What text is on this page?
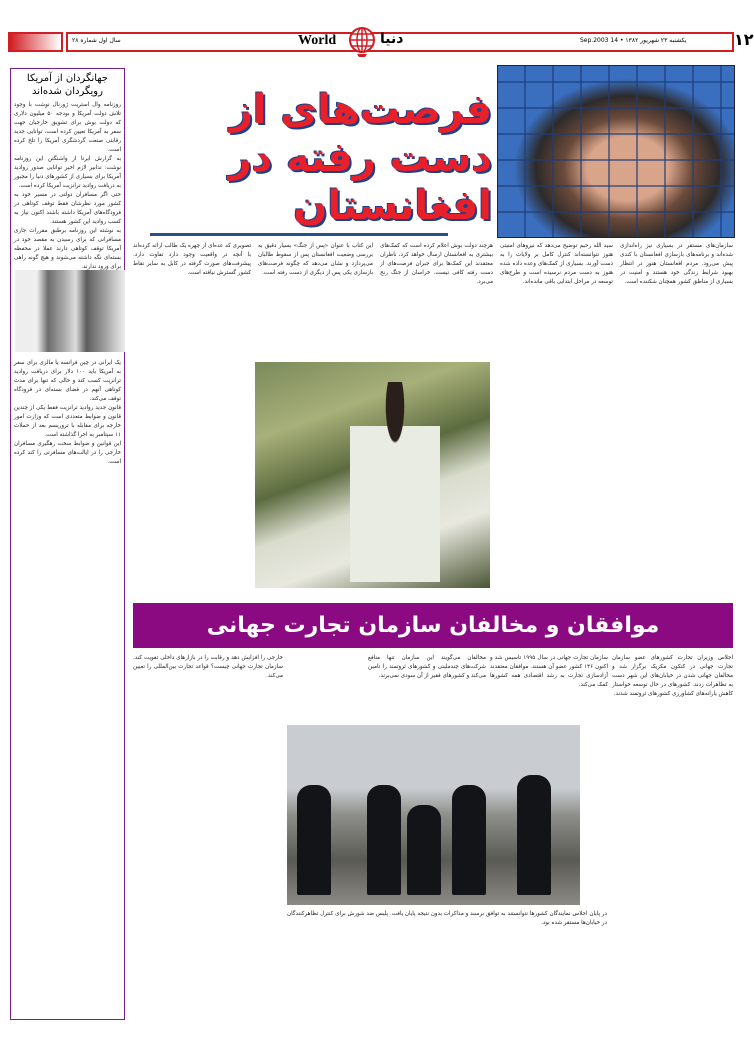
سال اول شماره ۲۸	World	دنیا	یکشنبه ۲۳ شهریور ۱۳۸۲ • 14 Sep.2003	۱۲
جهانگردان از آمریکا رویگردان شده‌اند

روزنامه وال استریت ژورنال نوشت با وجود تلاش دولت آمریکا و بودجه ۵۰ میلیون دلاری که دولت بوش برای تشویق خارجیان جهت سفر به آمریکا تعیین کرده است، توانایی جدید رقابتی صنعت گردشگری آمریکا را تلخ کرده است.

به گزارش ایرنا از واشنگتن این روزنامه نوشت: تدابیر لازم اخیر توانایی صدور روادید آمریکا برای بسیاری از کشورهای دنیا را مجبور به دریافت روادید ترانزیت آمریکا کرده است.

حتی اگر مسافران دولتی در مسیر خود به کشور مورد نظرشان فقط توقف کوتاهی در فرودگاه‌های آمریکا داشته باشند اکنون نیاز به کسب روادید این کشور هستند.

به نوشته این روزنامه برطبق مقررات جاری مسافرانی که برای رسیدن به مقصد خود در آمریکا توقف کوتاهی دارند عملا در محفظه بسته‌ای نگه داشته می‌شوند و هیچ گونه راهی برای ورود ندارند.

یک ایرانی در چین فرانسه یا مالزی برای سفر به آمریکا باید ۱۰۰ دلار برای دریافت روادید ترانزیت کسب کند و حالی که تنها برای مدت کوتاهی آنهم در فضای بسته‌ای در فرودگاه توقف می‌کند.

قانون جدید روادید ترانزیت فقط یکی از چندین قانون و ضوابط متعددی است که وزارت امور خارجه برای مقابله با تروریسم بعد از حملات ۱۱ سپتامبر به اجرا گذاشته است.

این قوانین و ضوابط سخت رهگیری مسافران خارجی را در ایالت‌های مسافرتی را کند کرده است.

فرصت‌های از دست رفته در افغانستان
سازمان‌های مستقر در بسیاری نیز راه‌اندازی شده‌اند و برنامه‌های بازسازی افغانستان با کندی پیش می‌رود. مردم افغانستان هنوز در انتظار بهبود شرایط زندگی خود هستند و امنیت در بسیاری از مناطق کشور همچنان شکننده است.
سید الله رحیم توضیح می‌دهد که نیروهای امنیتی هنوز نتوانسته‌اند کنترل کامل بر ولایات را به دست آورند. بسیاری از کمک‌های وعده داده شده هنوز به دست مردم نرسیده است و طرح‌های توسعه در مراحل ابتدایی باقی مانده‌اند.
هرچند دولت بوش اعلام کرده است که کمک‌های بیشتری به افغانستان ارسال خواهد کرد، ناظران معتقدند این کمک‌ها برای جبران فرصت‌های از دست رفته کافی نیست. خراسان از جنگ رنج می‌برد.
این کتاب با عنوان «پس از جنگ» بسیار دقیق به بررسی وضعیت افغانستان پس از سقوط طالبان می‌پردازد و نشان می‌دهد که چگونه فرصت‌های بازسازی یکی پس از دیگری از دست رفته است.
تصویری که عده‌ای از چهره یک طالب ارائه کرده‌اند با آنچه در واقعیت وجود دارد تفاوت دارد. پیشرفت‌های صورت گرفته در کابل به سایر نقاط کشور گسترش نیافته است.
موافقان و مخالفان سازمان تجارت جهانی
اجلاس وزیران تجارت کشورهای عضو سازمان تجارت جهانی در کنکون مکزیک برگزار شد و مخالفان جهانی شدن در خیابان‌های این شهر دست به تظاهرات زدند. کشورهای در حال توسعه خواستار کاهش یارانه‌های کشاورزی کشورهای ثروتمند شدند.
سازمان تجارت جهانی در سال ۱۹۹۵ تاسیس شد و اکنون ۱۴۶ کشور عضو آن هستند. موافقان معتقدند آزادسازی تجارت به رشد اقتصادی همه کشورها کمک می‌کند.
مخالفان می‌گویند این سازمان تنها منافع شرکت‌های چندملیتی و کشورهای ثروتمند را تامین می‌کند و کشورهای فقیر از آن سودی نمی‌برند.
در پایان اجلاس نمایندگان کشورها نتوانستند به توافق برسند و مذاکرات بدون نتیجه پایان یافت. پلیس ضد شورش برای کنترل تظاهرکنندگان در خیابان‌ها مستقر شده بود.
خارجی را افزایش دهد و رقابت را در بازارهای داخلی تقویت کند. سازمان تجارت جهانی چیست؟ قواعد تجارت بین‌المللی را تعیین می‌کند.
